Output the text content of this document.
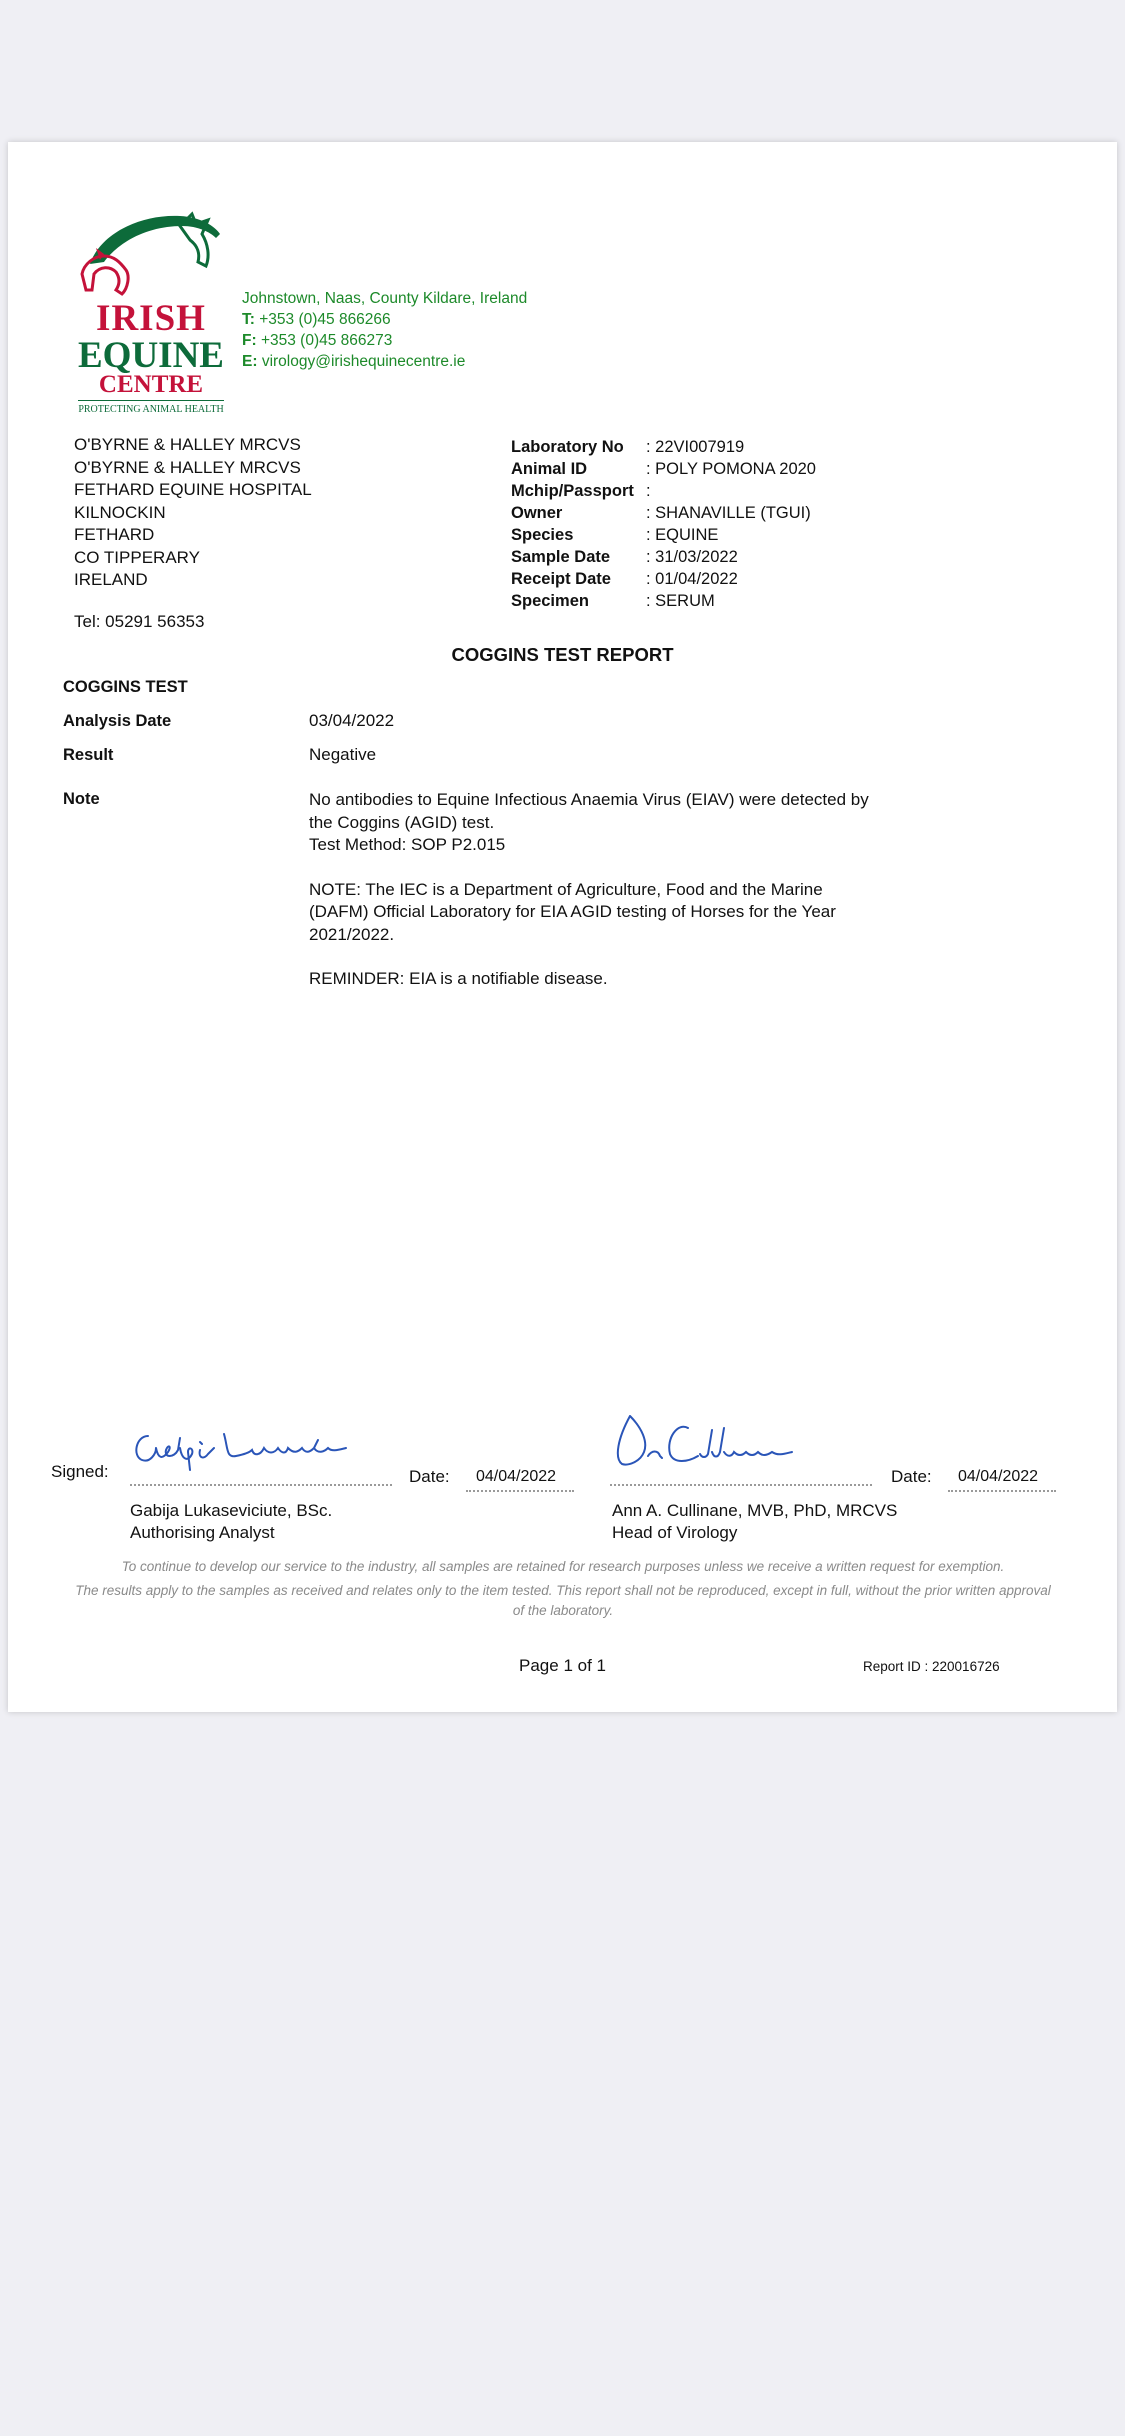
IRISH
EQUINE
CENTRE
PROTECTING ANIMAL HEALTH
Johnstown, Naas, County Kildare, Ireland
T: +353 (0)45 866266
F: +353 (0)45 866273
E: virology@irishequinecentre.ie
O'BYRNE & HALLEY MRCVS
O'BYRNE & HALLEY MRCVS
FETHARD EQUINE HOSPITAL
KILNOCKIN
FETHARD
CO TIPPERARY
IRELAND
Tel: 05291 56353
Laboratory No	: 22VI007919
Animal ID	: POLY POMONA 2020
Mchip/Passport :
Owner	: SHANAVILLE (TGUI)
Species	: EQUINE
Sample Date	: 31/03/2022
Receipt Date	: 01/04/2022
Specimen	: SERUM
COGGINS TEST REPORT
COGGINS TEST
Analysis Date	03/04/2022
Result	Negative
Note	No antibodies to Equine Infectious Anaemia Virus (EIAV) were detected by the Coggins (AGID) test.

Test Method: SOP P2.015

NOTE: The IEC is a Department of Agriculture, Food and the Marine (DAFM) Official Laboratory for EIA AGID testing of Horses for the Year 2021/2022.

REMINDER: EIA is a notifiable disease.

Signed:	Date: 04/04/2022
Gabija Lukaseviciute, BSc.
Authorising Analyst
Date: 04/04/2022
Ann A. Cullinane, MVB, PhD, MRCVS
Head of Virology
To continue to develop our service to the industry, all samples are retained for research purposes unless we receive a written request for exemption.
The results apply to the samples as received and relates only to the item tested. This report shall not be reproduced, except in full, without the prior written approval of the laboratory.
Page 1 of 1	Report ID : 220016726
